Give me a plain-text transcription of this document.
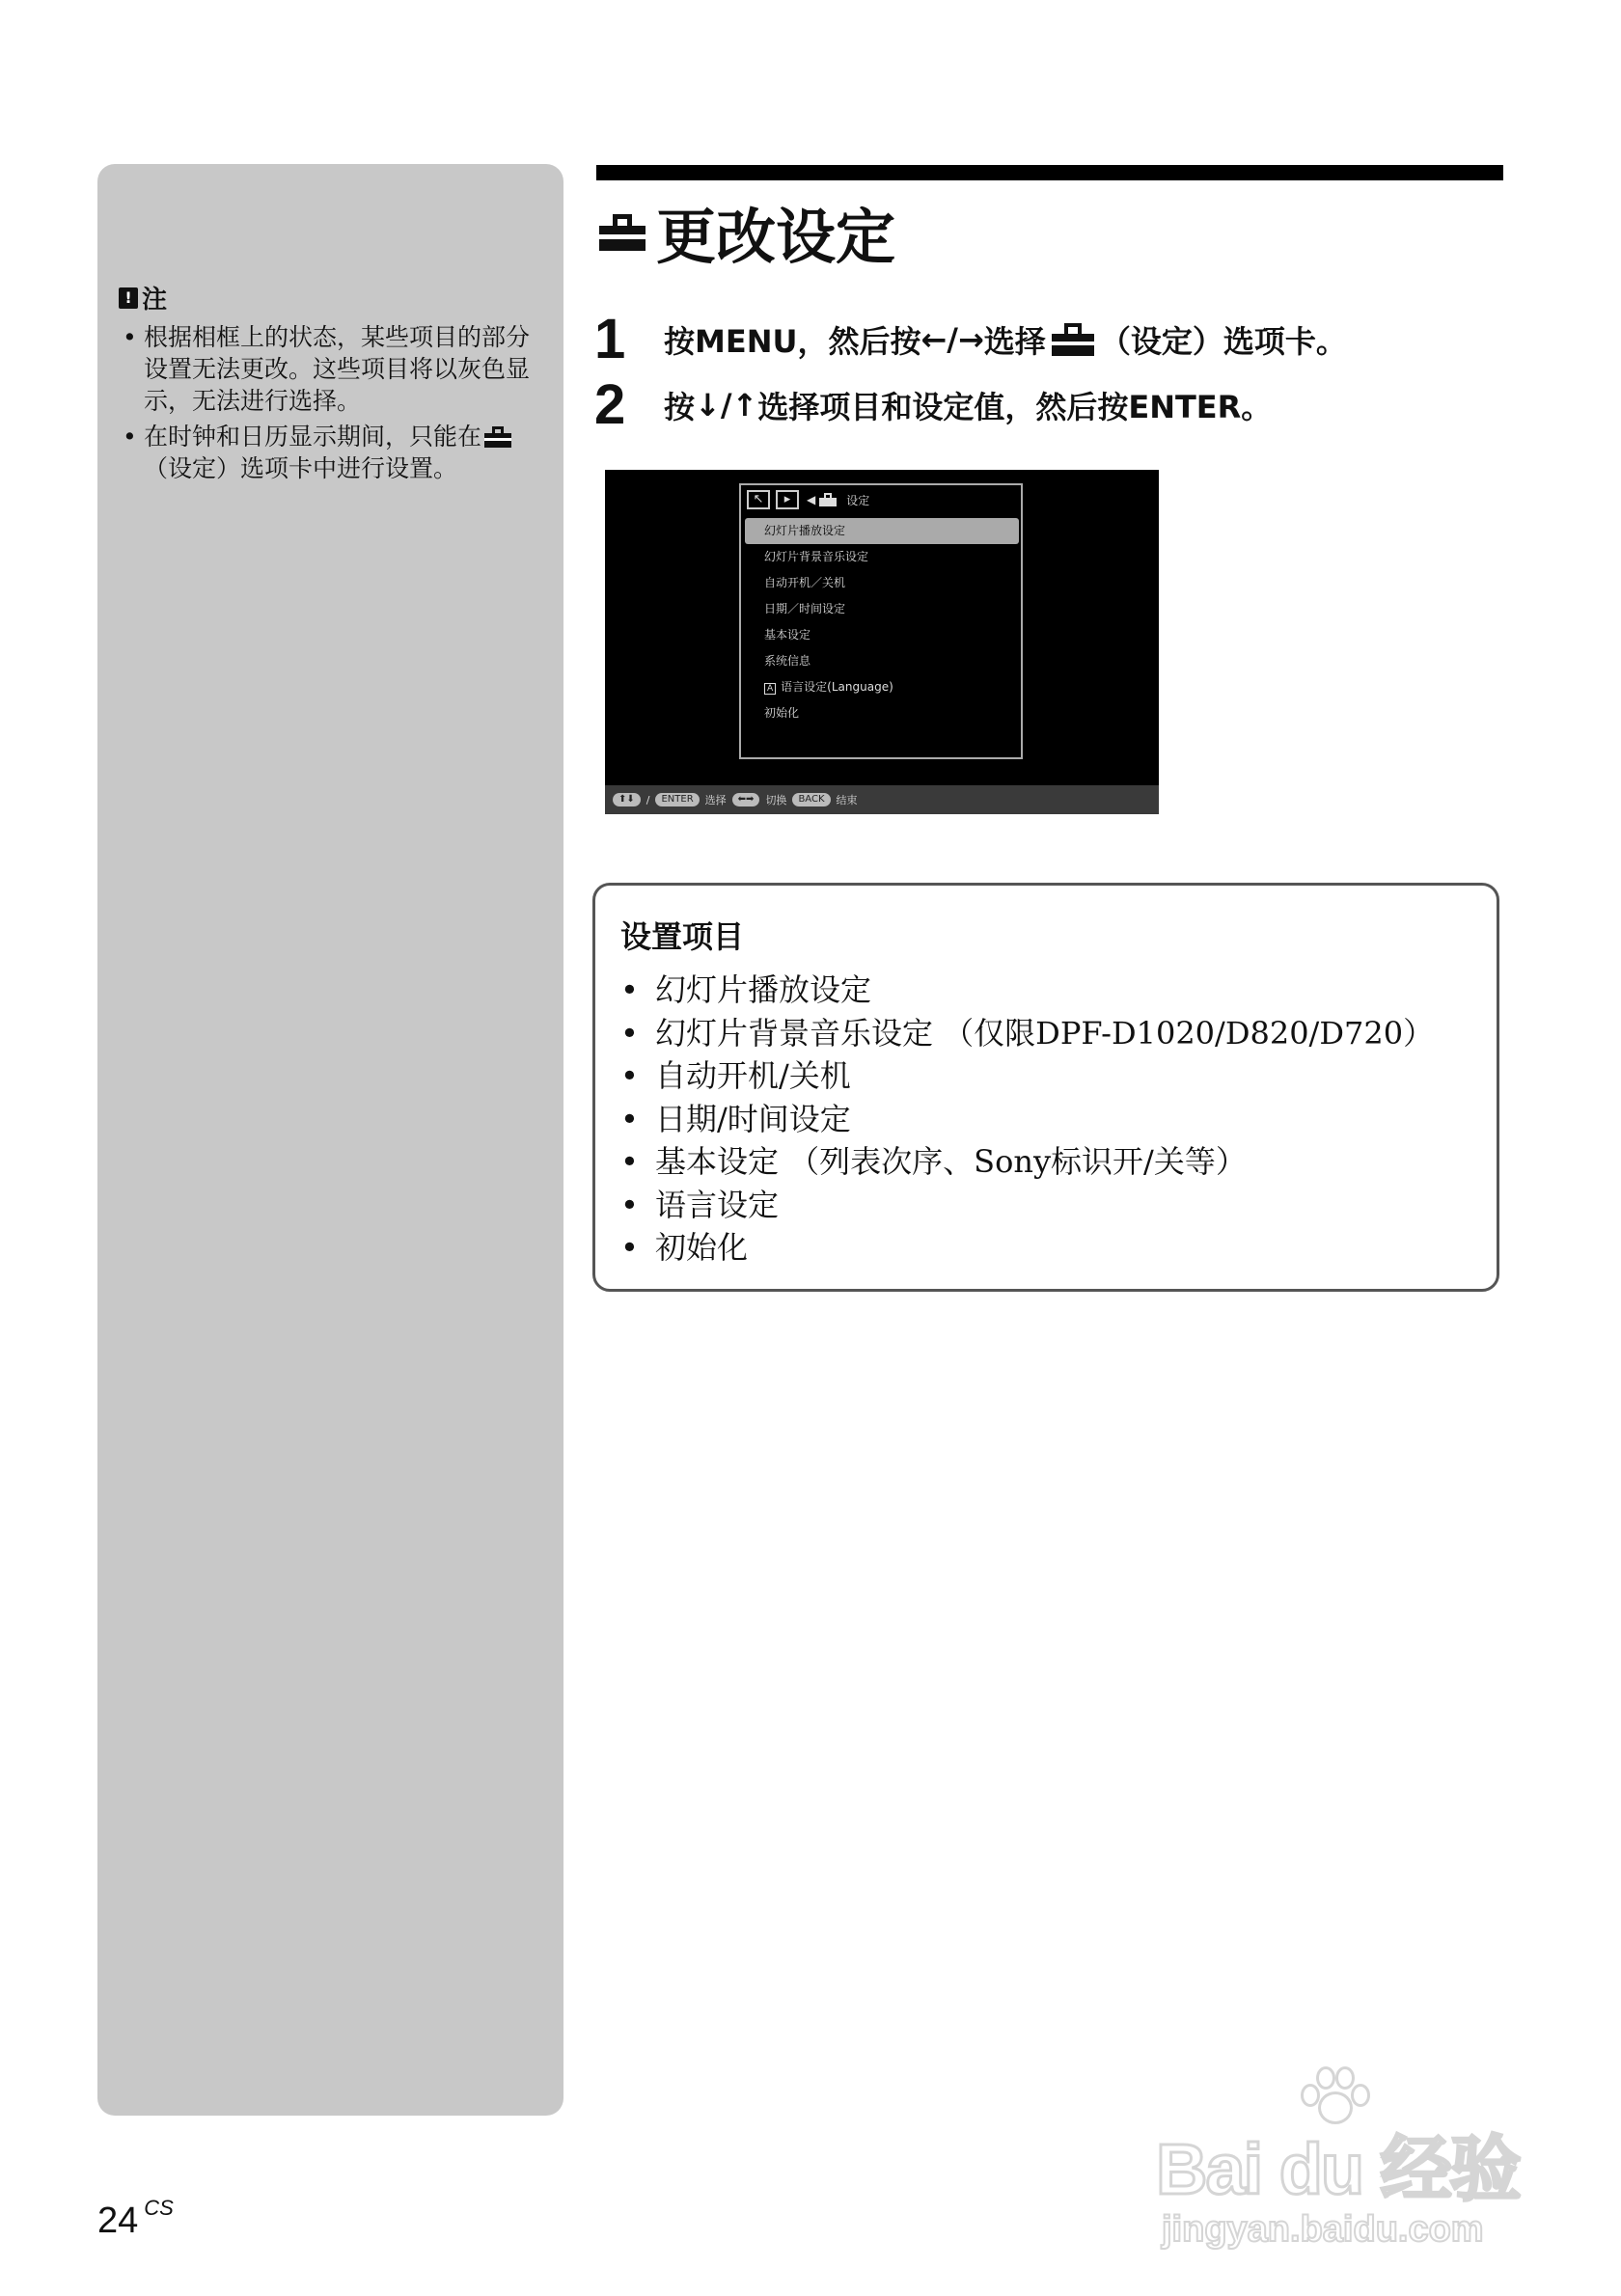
! 注
• 根据相框上的状态，某些项目的部分设置无法更改。这些项目将以灰色显示，无法进行选择。
• 在时钟和日历显示期间，只能在
（设定）选项卡中进行设置。
更改设定
1	按MENU，然后按 ←/→ 选择 （设定）选项卡。
2	按 ↓/↑ 选择项目和设定值，然后按ENTER。
↖	▸	◀	设定
幻灯片播放设定
幻灯片背景音乐设定
自动开机／关机
日期／时间设定
基本设定
系统信息
A 语言设定(Language)
初始化
⬆⬇	/	ENTER	选择	⬅➡	切换	BACK	结束
设置项目
• 幻灯片播放设定
• 幻灯片背景音乐设定 （仅限DPF-D1020/D820/D720）
• 自动开机/关机
• 日期/时间设定
• 基本设定 （列表次序、Sony标识开/关等）
• 语言设定
• 初始化
24 $^{CS}$	Bai du 经验
jingyan.baidu.com
